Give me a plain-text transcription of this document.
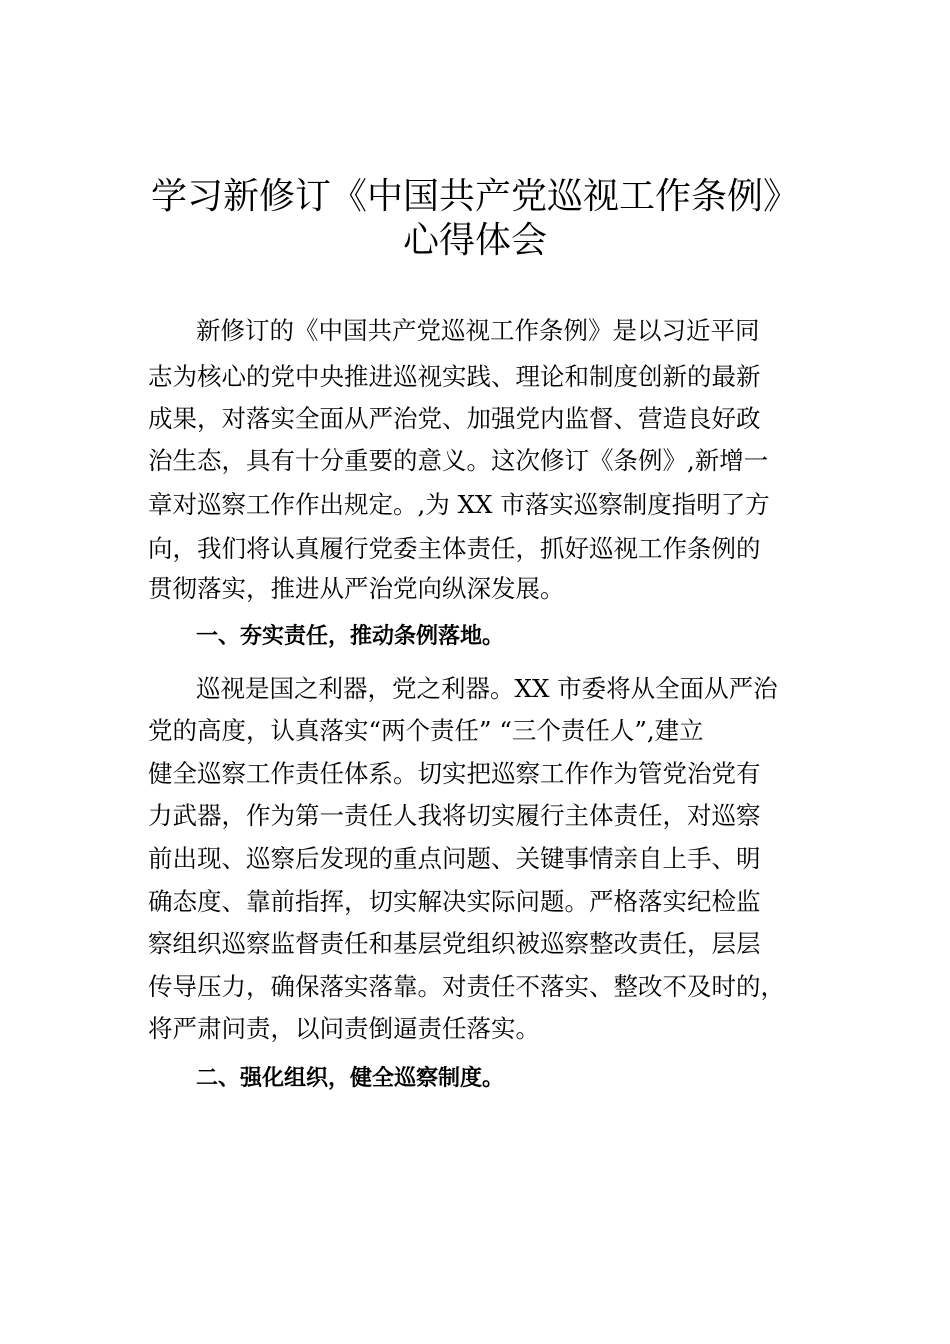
学习新修订《中国共产党巡视工作条例》
心得体会

新修订的《中国共产党巡视工作条例》是以习近平同

志为核心的党中央推进巡视实践、理论和制度创新的最新

成果，对落实全面从严治党、加强党内监督、营造良好政

治生态，具有十分重要的意义。这次修订《条例》,新增一

章对巡察工作作出规定。,为 XX 市落实巡察制度指明了方

向，我们将认真履行党委主体责任，抓好巡视工作条例的

贯彻落实，推进从严治党向纵深发展。

一、夯实责任，推动条例落地。

巡视是国之利器，党之利器。XX 市委将从全面从严治

党的高度，认真落实“两个责任” “三个责任人”,建立

健全巡察工作责任体系。切实把巡察工作作为管党治党有

力武器，作为第一责任人我将切实履行主体责任，对巡察

前出现、巡察后发现的重点问题、关键事情亲自上手、明

确态度、靠前指挥，切实解决实际问题。严格落实纪检监

察组织巡察监督责任和基层党组织被巡察整改责任，层层

传导压力，确保落实落靠。对责任不落实、整改不及时的，

将严肃问责，以问责倒逼责任落实。

二、强化组织，健全巡察制度。
